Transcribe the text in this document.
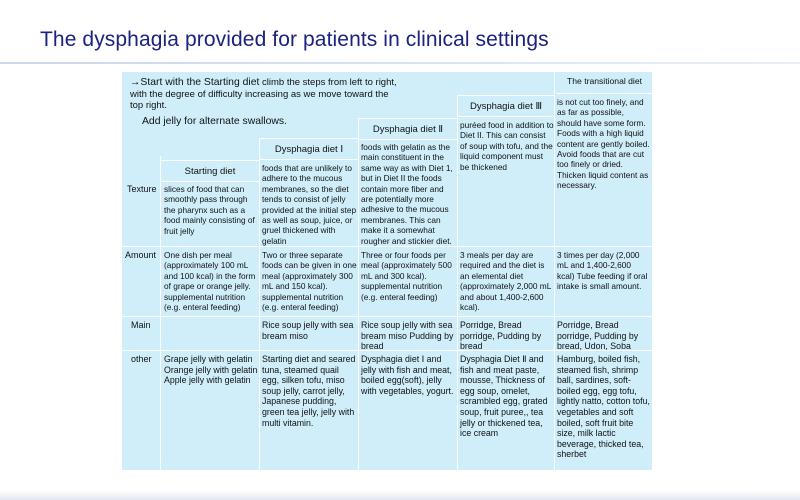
The dysphagia provided for patients in clinical settings
→Start with the Starting diet climb the steps from left to right,
with the degree of difficulty increasing as we move toward the
top right.
Add jelly for alternate swallows.
Starting diet
Dysphagia diet Ⅰ
Dysphagia diet Ⅱ
Dysphagia diet Ⅲ
The transitional diet
Texture
Amount
Main
other
slices of food that can smoothly pass through the pharynx such as a food mainly consisting of fruit jelly
foods that are unlikely to adhere to the mucous membranes, so the diet tends to consist of jelly provided at the initial step as well as soup, juice, or gruel thickened with gelatin
foods with gelatin as the main constituent in the same way as with Diet 1, but in Diet II the foods contain more fiber and are potentially more adhesive to the mucous membranes. This can make it a somewhat rougher and stickier diet.
puréed food in addition to Diet II. This can consist of soup with tofu, and the liquid component must be thickened
is not cut too finely, and as far as possible, should have some form. Foods with a high liquid content are gently boiled. Avoid foods that are cut too finely or dried. Thicken liquid content as necessary.
One dish per meal (approximately 100 mL and 100 kcal) in the form of grape or orange jelly. supplemental nutrition (e.g. enteral feeding)
Two or three separate foods can be given in one meal (approximately 300 mL and 150 kcal). supplemental nutrition (e.g. enteral feeding)
Three or four foods per meal (approximately 500 mL and 300 kcal). supplemental nutrition (e.g. enteral feeding)
3 meals per day are required and the diet is an elemental diet (approximately 2,000 mL and about 1,400-2,600 kcal).
3 times per day (2,000 mL and 1,400-2,600 kcal) Tube feeding if oral intake is small amount.
Rice soup jelly with sea bream miso
Rice soup jelly with sea bream miso Pudding by bread
Porridge, Bread porridge, Pudding by bread
Porridge, Bread porridge, Pudding by bread, Udon, Soba
Grape jelly with gelatin Orange jelly with gelatin Apple jelly with gelatin
Starting diet and seared tuna, steamed quail egg, silken tofu, miso soup jelly, carrot jelly, Japanese pudding, green tea jelly, jelly with multi vitamin.
Dysphagia diet Ⅰ and jelly with fish and meat, boiled egg(soft), jelly with vegetables, yogurt.
Dysphagia Diet Ⅱ and fish and meat paste, mousse, Thickness of egg soup, omelet, scrambled egg, grated soup, fruit puree,, tea jelly or thickened tea, ice cream
Hamburg, boiled fish, steamed fish, shrimp ball, sardines, soft-boiled egg, egg tofu, lightly natto, cotton tofu, vegetables and soft boiled, soft fruit bite size, milk lactic beverage, thicked tea, sherbet
